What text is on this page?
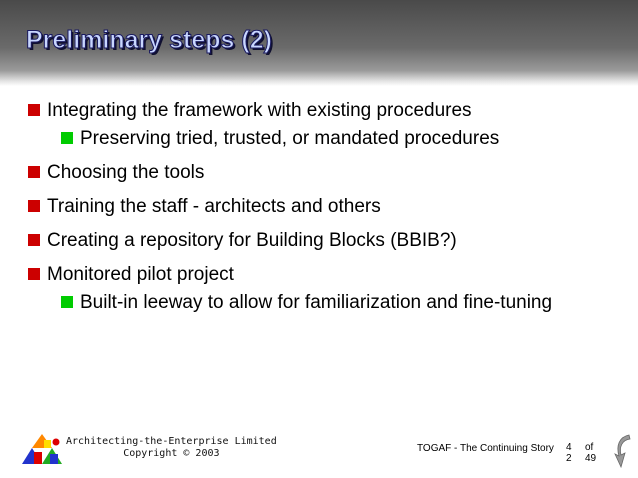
Preliminary steps (2)
Integrating the framework with existing procedures
Preserving tried, trusted, or mandated procedures
Choosing the tools
Training the staff - architects and others
Creating a repository for Building Blocks (BBIB?)
Monitored pilot project
Built-in leeway to allow for familiarization and fine-tuning
Architecting-the-Enterprise Limited
Copyright © 2003	TOGAF - The Continuing Story 4
2
of
49
